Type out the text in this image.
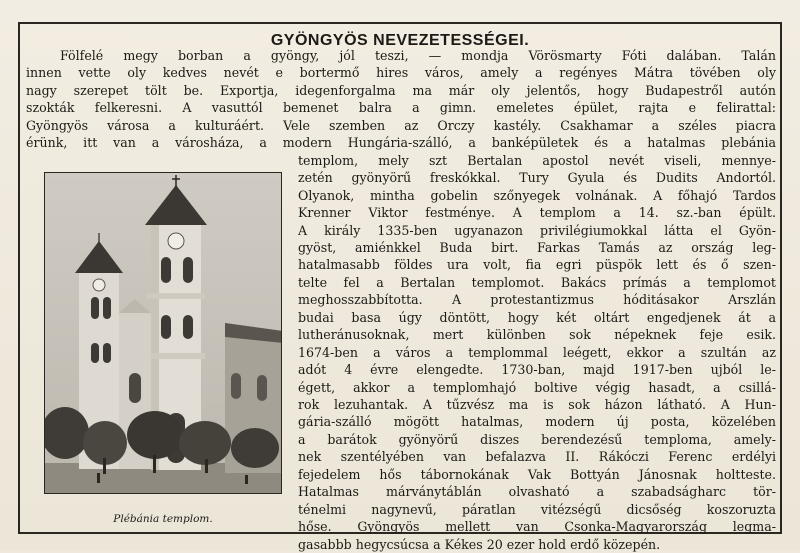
GYÖNGYÖS NEVEZETESSÉGEI.
Fölfelé megy borban a gyöngy, jól teszi, — mondja Vörösmarty Fóti dalában. Talán
innen vette oly kedves nevét e bortermő hires város, amely a regényes Mátra tövében oly
nagy szerepet tölt be. Exportja, idegenforgalma ma már oly jelentős, hogy Budapestről autón
szokták felkeresni. A vasuttól bemenet balra a gimn. emeletes épület, rajta e felirattal:
Gyöngyös városa a kulturáért. Vele szemben az Orczy kastély. Csakhamar a széles piacra
érünk, itt van a városháza, a modern Hungária-szálló, a banképületek és a hatalmas plebánia
templom, mely szt Bertalan apostol nevét viseli, mennye-
zetén gyönyörű freskókkal. Tury Gyula és Dudits Andortól.
Olyanok, mintha gobelin szőnyegek volnának. A főhajó Tardos
Krenner Viktor festménye. A templom a 14. sz.-ban épült.
A király 1335-ben ugyanazon privilégiumokkal látta el Gyön-
gyöst, amiénkkel Buda birt. Farkas Tamás az ország leg-
hatalmasabb földes ura volt, fia egri püspök lett és ő szen-
telte fel a Bertalan templomot. Bakács prímás a templomot
meghosszabbította. A protestantizmus hóditásakor Arszlán
budai basa úgy döntött, hogy két oltárt engedjenek át a
lutheránusoknak, mert különben sok népeknek feje esik.
1674-ben a város a templommal leégett, ekkor a szultán az
adót 4 évre elengedte. 1730-ban, majd 1917-ben ujból le-
égett, akkor a templomhajó boltive végig hasadt, a csillá-
rok lezuhantak. A tűzvész ma is sok házon látható. A Hun-
gária-szálló mögött hatalmas, modern új posta, közelében
a barátok gyönyörű diszes berendezésű temploma, amely-
nek szentélyében van befalazva II. Rákóczi Ferenc erdélyi
fejedelem hős tábornokának Vak Bottyán Jánosnak holtteste.
Hatalmas márványtáblán olvasható a szabadságharc tör-
ténelmi nagynevű, páratlan vitézségű dicsőség koszoruzta
hőse. Gyöngyös mellett van Csonka-Magyarország legma-
gasabbb hegycsúcsa a Kékes 20 ezer hold erdő közepén.
Plébánia templom.
